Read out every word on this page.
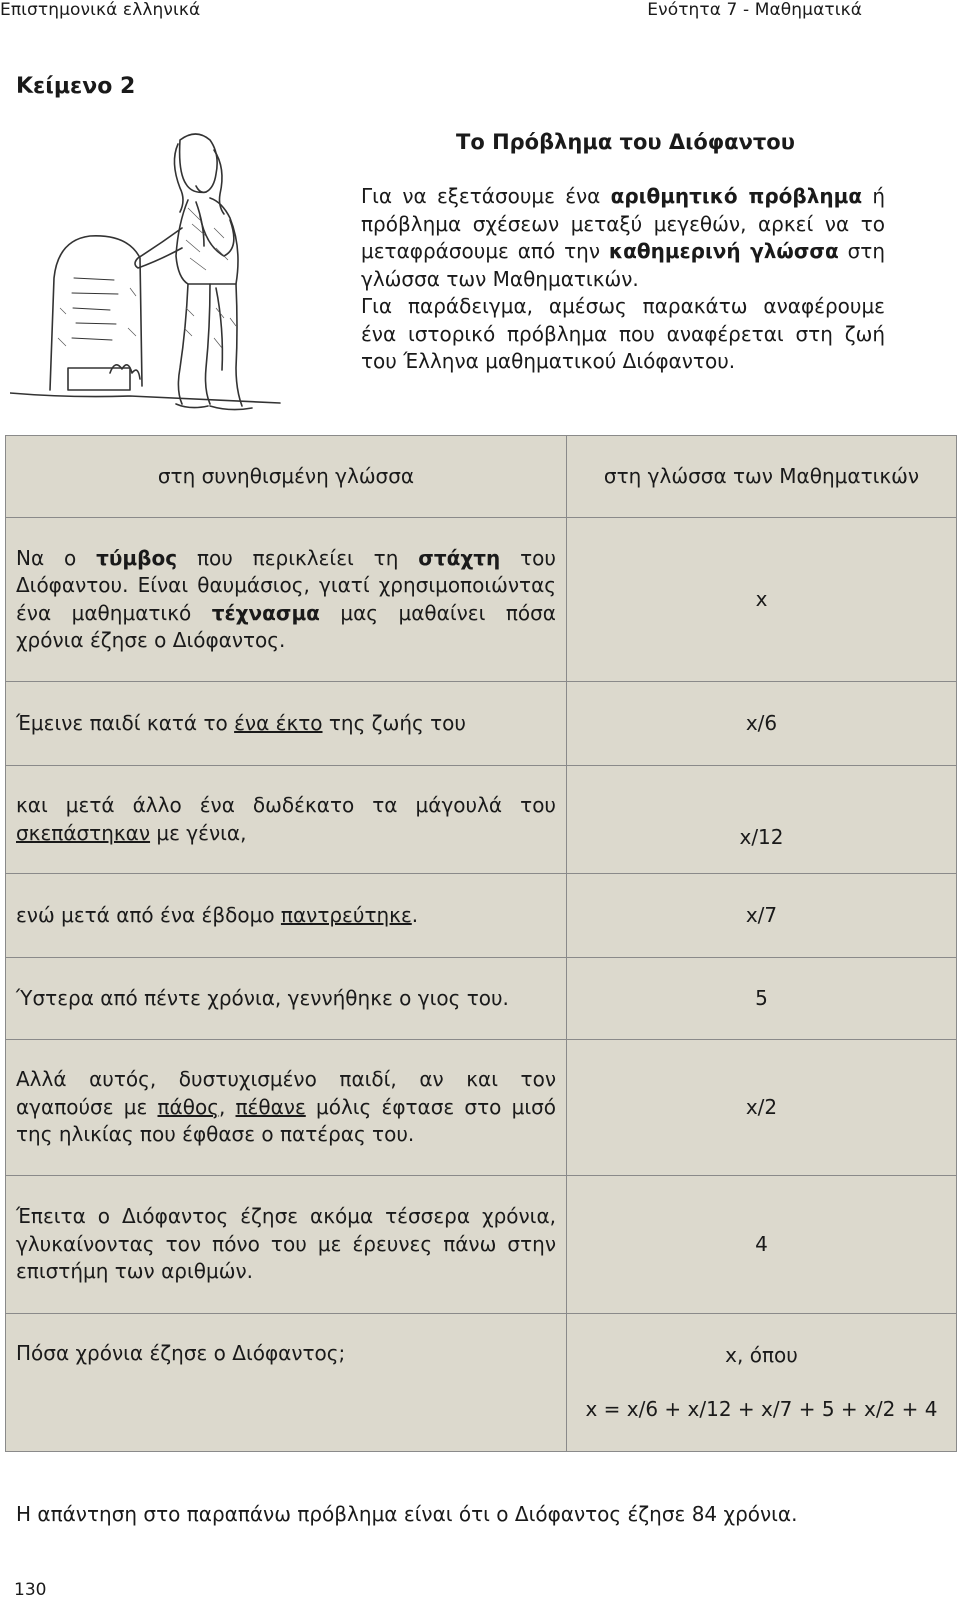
Επιστημονικά ελληνικά	Ενότητα 7 - Μαθηματικά
Κείμενο 2
Το Πρόβλημα του Διόφαντου
Για να εξετάσουμε ένα αριθμητικό πρόβλημα ή πρόβλημα σχέσεων μεταξύ μεγεθών, αρκεί να το μεταφράσουμε από την καθημερινή γλώσσα στη γλώσσα των Μαθηματικών.
Για παράδειγμα, αμέσως παρακάτω αναφέρουμε ένα ιστορικό πρόβλημα που αναφέρεται στη ζωή του Έλληνα μαθηματικού Διόφαντου.
στη συνηθισμένη γλώσσα	στη γλώσσα των Μαθηματικών
Να ο τύμβος που περικλείει τη στάχτη του Διόφαντου. Είναι θαυμάσιος, γιατί χρησιμοποιώντας ένα μαθηματικό τέχνασμα μας μαθαίνει πόσα χρόνια έζησε ο Διόφαντος.	x
Έμεινε παιδί κατά το ένα έκτο της ζωής του	x/6
και μετά άλλο ένα δωδέκατο τα μάγουλά του σκεπάστηκαν με γένια,	x/12
ενώ μετά από ένα έβδομο παντρεύτηκε.	x/7
Ύστερα από πέντε χρόνια, γεννήθηκε ο γιος του.	5
Αλλά αυτός, δυστυχισμένο παιδί, αν και τον αγαπούσε με πάθος, πέθανε μόλις έφτασε στο μισό της ηλικίας που έφθασε ο πατέρας του.	x/2
Έπειτα ο Διόφαντος έζησε ακόμα τέσσερα χρόνια, γλυκαίνοντας τον πόνο του με έρευνες πάνω στην επιστήμη των αριθμών.	4
Πόσα χρόνια έζησε ο Διόφαντος;	x, όπου
x = x/6 + x/12 + x/7 + 5 + x/2 + 4
Η απάντηση στο παραπάνω πρόβλημα είναι ότι ο Διόφαντος έζησε 84 χρόνια.
130
